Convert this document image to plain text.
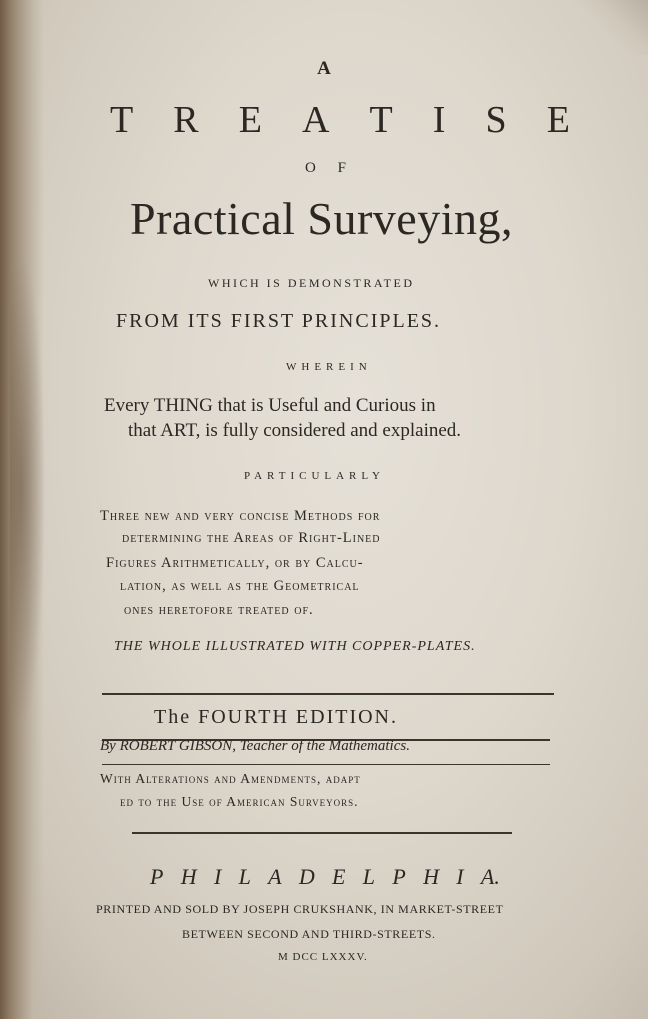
A
T R E A T I S E
O F
Practical Surveying,
WHICH IS DEMONSTRATED
FROM ITS FIRST PRINCIPLES.
WHEREIN
Every THING that is Useful and Curious in
that ART, is fully considered and explained.
PARTICULARLY
Three new and very concise Methods for
determining the Areas of Right-Lined
Figures Arithmetically, or by Calcu-
lation, as well as the Geometrical
ones heretofore treated of.
THE WHOLE ILLUSTRATED WITH COPPER-PLATES.
The FOURTH EDITION.
By ROBERT GIBSON, Teacher of the Mathematics.
With Alterations and Amendments, adapt
ed to the Use of American Surveyors.
P H I L A D E L P H I A.
PRINTED AND SOLD BY JOSEPH CRUKSHANK, IN MARKET-STREET
BETWEEN SECOND AND THIRD-STREETS.
M DCC LXXXV.
